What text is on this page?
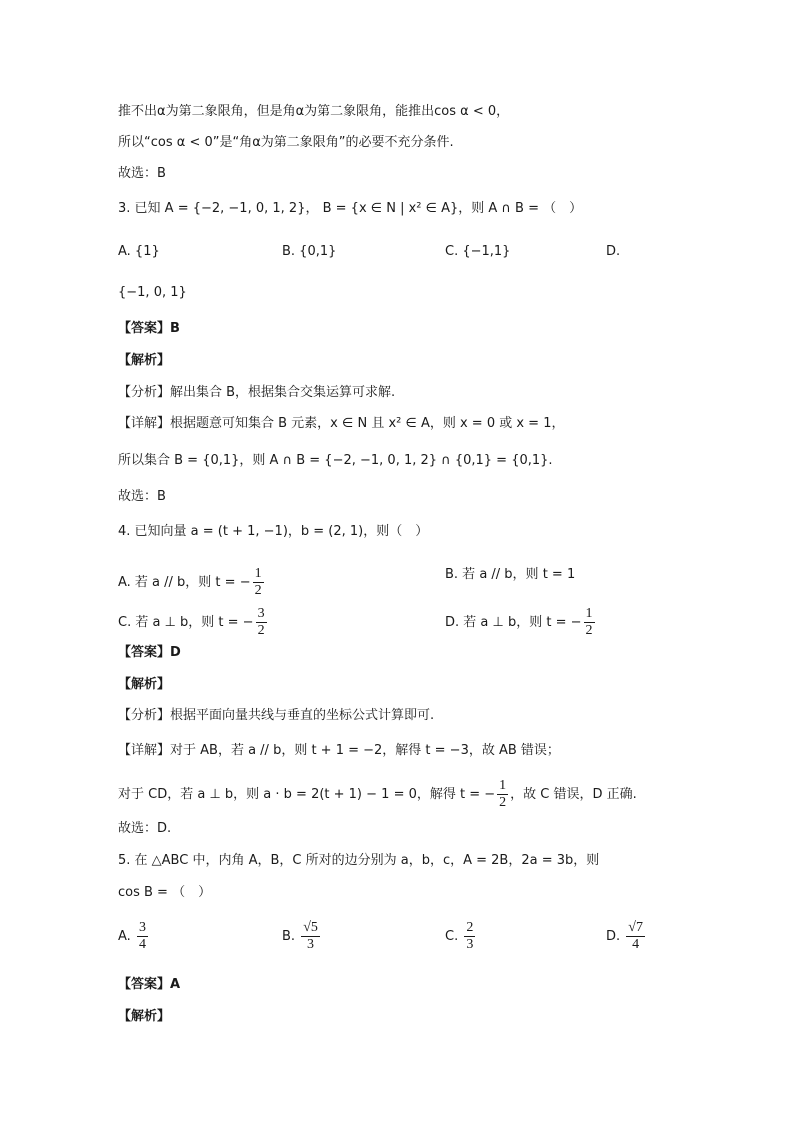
推不出α为第二象限角，但是角α为第二象限角，能推出cos α < 0，
所以“cos α < 0”是“角α为第二象限角”的必要不充分条件.
故选：B
3. 已知 A = {−2, −1, 0, 1, 2}， B = {x ∈ N | x² ∈ A}，则 A ∩ B = （　）
A. {1}	B. {0,1}	C. {−1,1}	D.
{−1, 0, 1}
【答案】B
【解析】
【分析】解出集合 B，根据集合交集运算可求解.
【详解】根据题意可知集合 B 元素，x ∈ N 且 x² ∈ A，则 x = 0 或 x = 1，
所以集合 B = {0,1}，则 A ∩ B = {−2, −1, 0, 1, 2} ∩ {0,1} = {0,1}.
故选：B
4. 已知向量 a = (t + 1, −1)，b = (2, 1)，则（　）
A. 若 a // b，则 t = − $\frac{1}{2}$	B. 若 a // b，则 t = 1
C. 若 a ⊥ b，则 t = − $\frac{3}{2}$	D. 若 a ⊥ b，则 t = − $\frac{1}{2}$
【答案】D
【解析】
【分析】根据平面向量共线与垂直的坐标公式计算即可.
【详解】对于 AB，若 a // b，则 t + 1 = −2，解得 t = −3，故 AB 错误；
对于 CD，若 a ⊥ b，则 a · b = 2(t + 1) − 1 = 0，解得 t = − $\frac{1}{2}$ ，故 C 错误，D 正确.
故选：D.
5. 在 △ABC 中，内角 A，B，C 所对的边分别为 a，b，c，A = 2B，2a = 3b，则
cos B = （　）
A. $\frac{3}{4}$	B. $\frac{√5}{3}$	C. $\frac{2}{3}$	D. $\frac{√7}{4}$
【答案】A
【解析】
